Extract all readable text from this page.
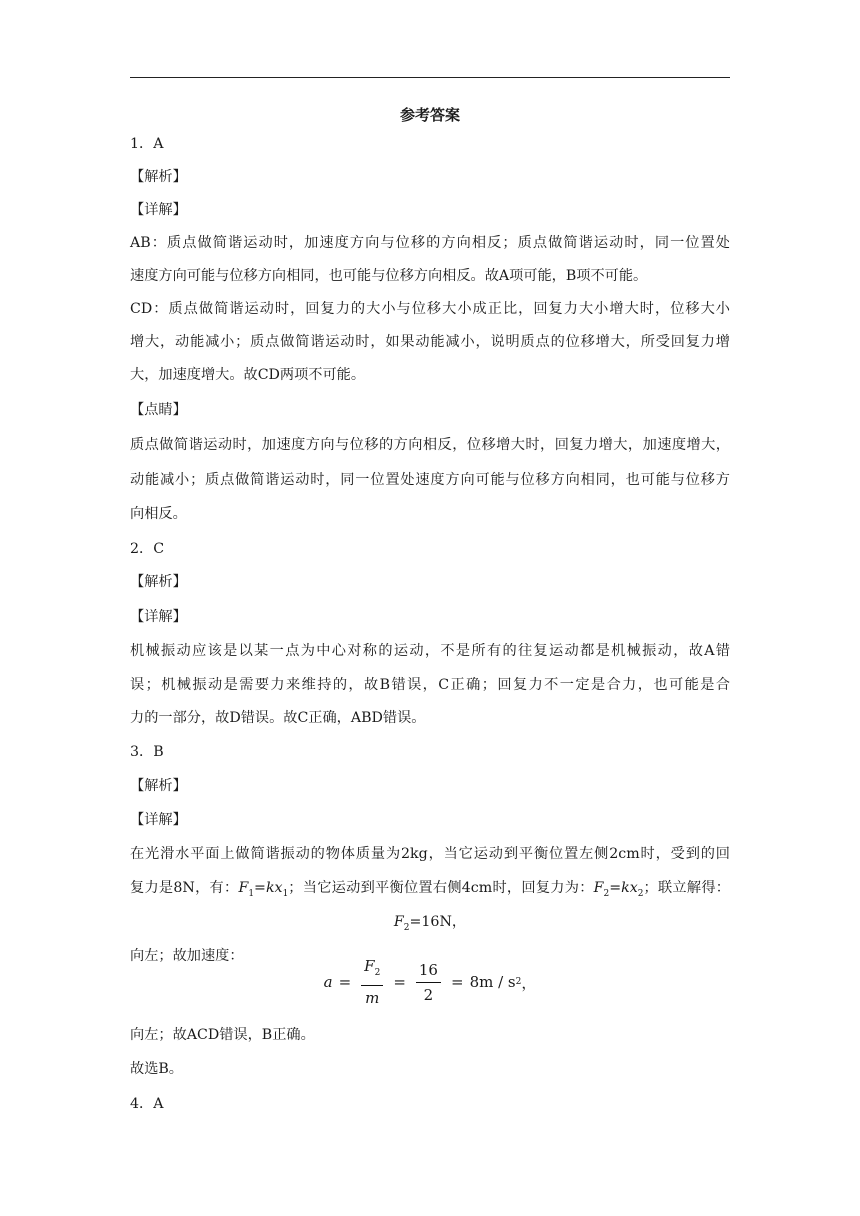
参考答案
1．A
【解析】
【详解】
AB：质点做简谐运动时，加速度方向与位移的方向相反；质点做简谐运动时，同一位置处
速度方向可能与位移方向相同，也可能与位移方向相反。故A项可能，B项不可能。
CD：质点做简谐运动时，回复力的大小与位移大小成正比，回复力大小增大时，位移大小
增大，动能减小；质点做简谐运动时，如果动能减小，说明质点的位移增大，所受回复力增
大，加速度增大。故CD两项不可能。
【点睛】
质点做简谐运动时，加速度方向与位移的方向相反，位移增大时，回复力增大，加速度增大，
动能减小；质点做简谐运动时，同一位置处速度方向可能与位移方向相同，也可能与位移方
向相反。
2．C
【解析】
【详解】
机械振动应该是以某一点为中心对称的运动，不是所有的往复运动都是机械振动，故A错
误；机械振动是需要力来维持的，故B错误，C正确；回复力不一定是合力，也可能是合
力的一部分，故D错误。故C正确，ABD错误。
3．B
【解析】
【详解】
在光滑水平面上做简谐振动的物体质量为2kg，当它运动到平衡位置左侧2cm时，受到的回
复力是8N，有：$F_1=kx_1$；当它运动到平衡位置右侧4cm时，回复力为：$F_2=kx_2$；联立解得：
$F_2=16N$，
向左；故加速度：
$a = \frac{F_2}{m} = \frac{16}{2} = 8m / s$ 2 ，
向左；故ACD错误，B正确。
故选B。
4．A
